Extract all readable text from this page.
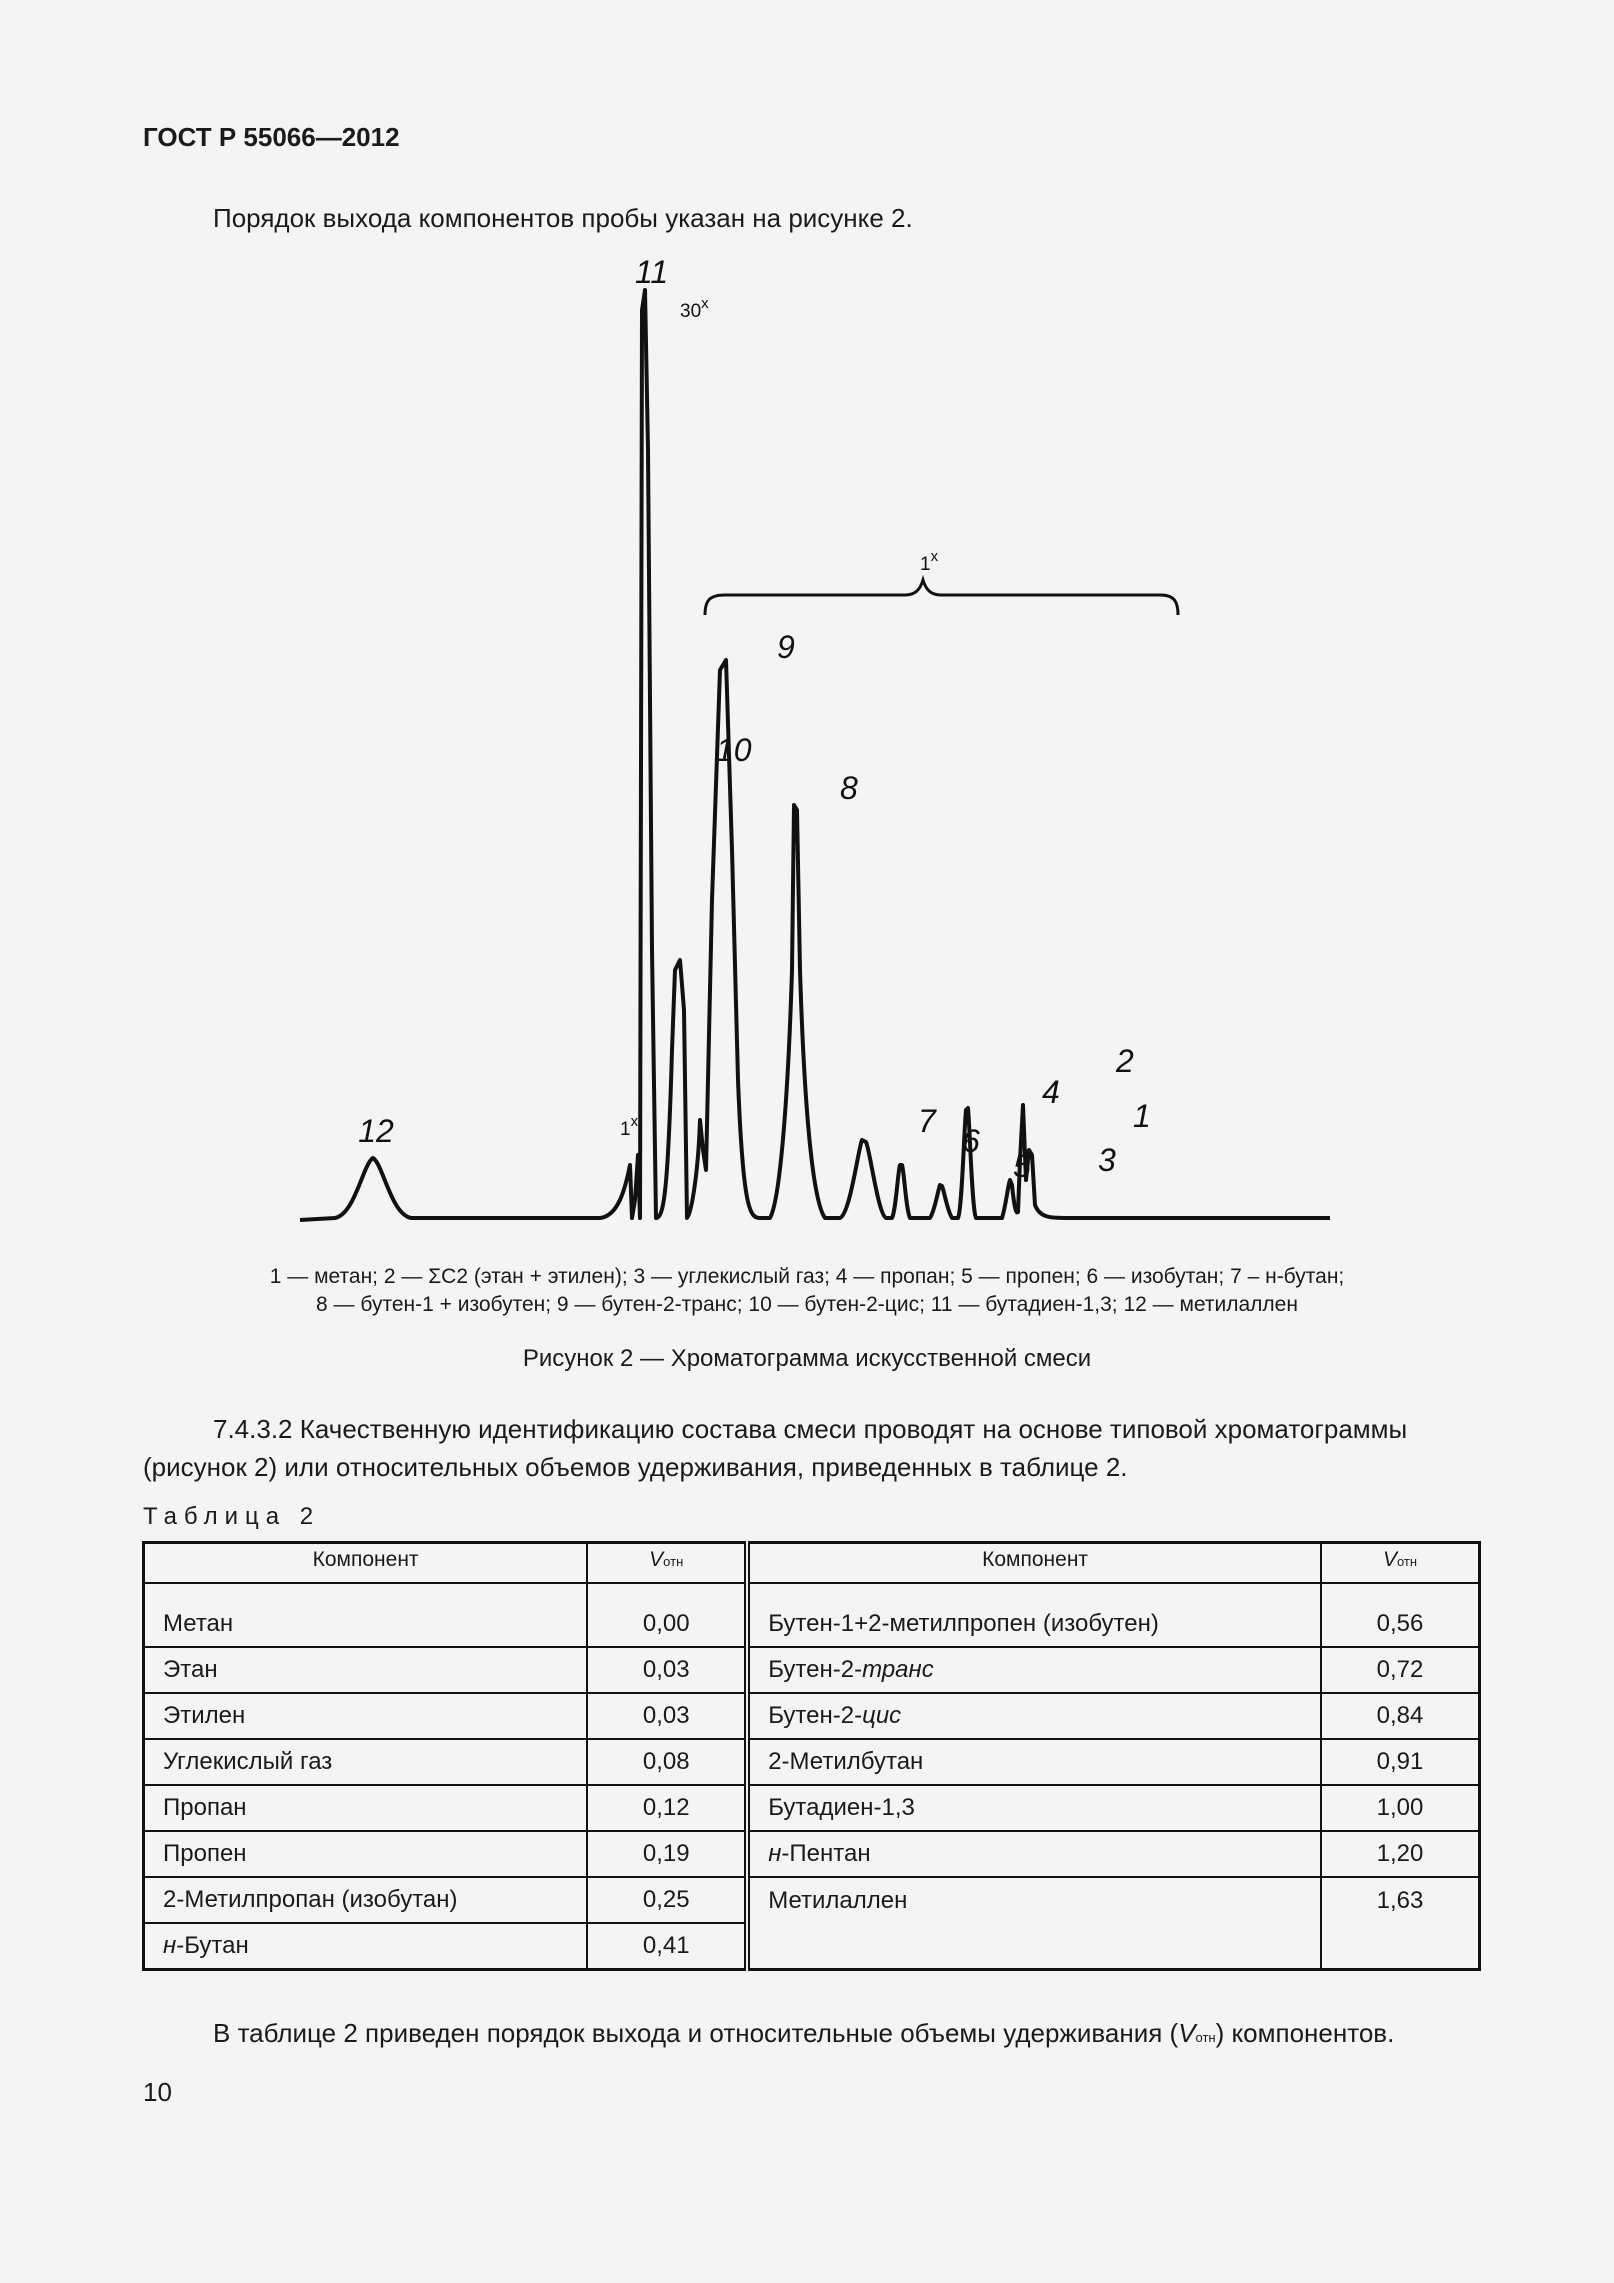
ГОСТ Р 55066—2012
Порядок выхода компонентов пробы указан на рисунке 2.
11
30$^x$
1$^x$
9
10
8
12	1$^x$	7
6
5
4
3
2
1
1 — метан; 2 — ΣC2 (этан + этилен); 3 — углекислый газ; 4 — пропан; 5 — пропен; 6 — изобутан; 7 – н-бутан;
8 — бутен-1 + изобутен; 9 — бутен-2-транс; 10 — бутен-2-цис; 11 — бутадиен-1,3; 12 — метилаллен
Рисунок 2 — Хроматограмма искусственной смеси
7.4.3.2 Качественную идентификацию состава смеси проводят на основе типовой хроматограммы (рисунок 2) или относительных объемов удерживания, приведенных в таблице 2.
Таблица 2
Компонент	Vотн	Компонент	Vотн

Метан	0,00	Бутен-1+2-метилпропен (изобутен)	0,56
Этан	0,03	Бутен-2-транс	0,72
Этилен	0,03	Бутен-2-цис	0,84
Углекислый газ	0,08	2-Метилбутан	0,91
Пропан	0,12	Бутадиен-1,3	1,00
Пропен	0,19	н-Пентан	1,20
2-Метилпропан (изобутан)	0,25	Метилаллен	1,63
н-Бутан	0,41		
В таблице 2 приведен порядок выхода и относительные объемы удерживания (Vотн) компонентов.
10
